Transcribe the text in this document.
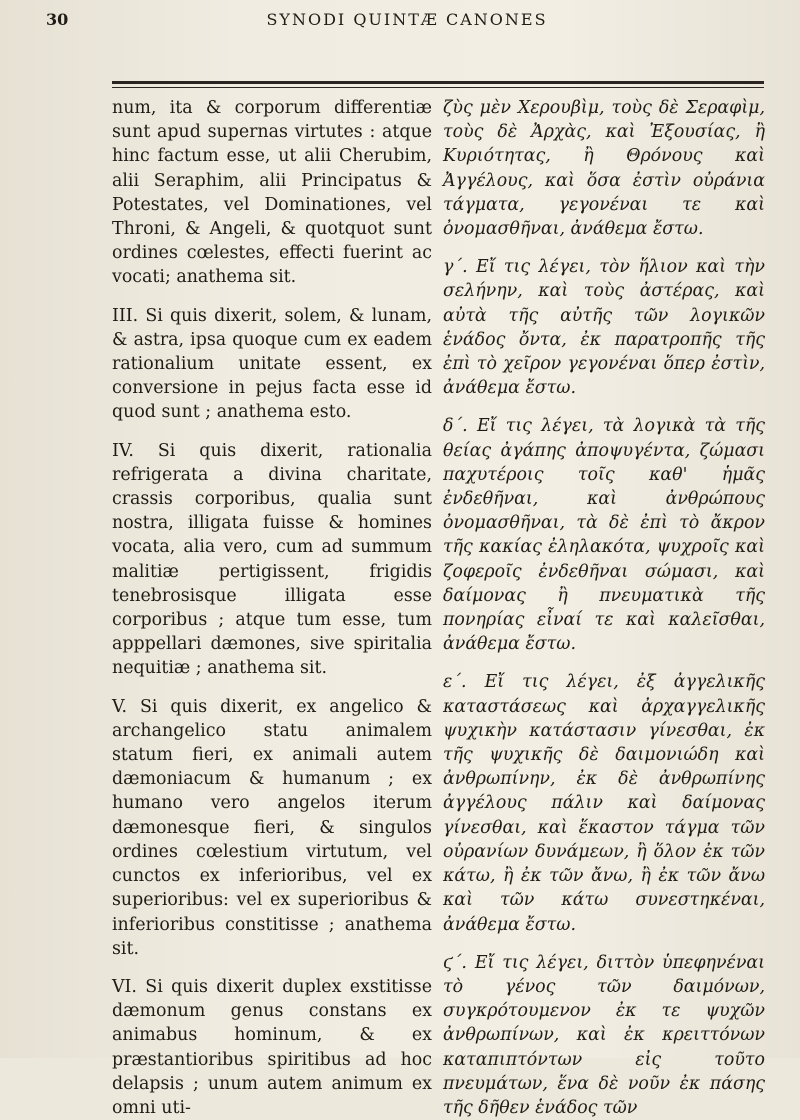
30	SYNODI QUINTÆ CANONES

num, ita & corporum differentiæ sunt apud supernas virtutes : atque hinc factum esse, ut alii Cherubim, alii Seraphim, alii Principatus & Potestates, vel Dominationes, vel Throni, & Angeli, & quotquot sunt ordines cœlestes, effecti fuerint ac vocati; anathema sit.

III. Si quis dixerit, solem, & lunam, & astra, ipsa quoque cum ex eadem rationalium unitate essent, ex conversione in pejus facta esse id quod sunt ; anathema esto.

IV. Si quis dixerit, rationalia refrigerata a divina charitate, crassis corporibus, qualia sunt nostra, illigata fuisse & homines vocata, alia vero, cum ad summum malitiæ pertigissent, frigidis tenebrosisque illigata esse corporibus ; atque tum esse, tum apppellari dæmones, sive spiritalia nequitiæ ; anathema sit.

V. Si quis dixerit, ex angelico & archangelico statu animalem statum fieri, ex animali autem dæmoniacum & humanum ; ex humano vero angelos iterum dæmonesque fieri, & singulos ordines cœlestium virtutum, vel cunctos ex inferioribus, vel ex superioribus: vel ex superioribus & inferioribus constitisse ; anathema sit.

VI. Si quis dixerit duplex exstitisse dæmonum genus constans ex animabus hominum, & ex præstantioribus spiritibus ad hoc delapsis ; unum autem animum ex omni uti-

ζὺς μὲν Χερουβὶμ, τοὺς δὲ Σεραφὶμ, τοὺς δὲ Ἀρχὰς, καὶ Ἐξουσίας, ἢ Κυριότητας, ἢ Θρόνους καὶ Ἀγγέλους, καὶ ὅσα ἐστὶν οὐράνια τάγματα, γεγονέναι τε καὶ ὀνομασθῆναι, ἀνάθεμα ἔστω.

γ΄. Εἴ τις λέγει, τὸν ἥλιον καὶ τὴν σελήνην, καὶ τοὺς ἀστέρας, καὶ αὐτὰ τῆς αὐτῆς τῶν λογικῶν ἑνάδος ὄντα, ἐκ παρατροπῆς τῆς ἐπὶ τὸ χεῖρον γεγονέναι ὅπερ ἐστὶν, ἀνάθεμα ἔστω.

δ΄. Εἴ τις λέγει, τὰ λογικὰ τὰ τῆς θείας ἀγάπης ἀποψυγέντα, ζώμασι παχυτέροις τοῖς καθ' ἡμᾶς ἐνδεθῆναι, καὶ ἀνθρώπους ὀνομασθῆναι, τὰ δὲ ἐπὶ τὸ ἄκρον τῆς κακίας ἐληλακότα, ψυχροῖς καὶ ζοφεροῖς ἐνδεθῆναι σώμασι, καὶ δαίμονας ἢ πνευματικὰ τῆς πονηρίας εἶναί τε καὶ καλεῖσθαι, ἀνάθεμα ἔστω.

ε΄. Εἴ τις λέγει, ἐξ ἀγγελικῆς καταστάσεως καὶ ἀρχαγγελικῆς ψυχικὴν κατάστασιν γίνεσθαι, ἐκ τῆς ψυχικῆς δὲ δαιμονιώδη καὶ ἀνθρωπίνην, ἐκ δὲ ἀνθρωπίνης ἀγγέλους πάλιν καὶ δαίμονας γίνεσθαι, καὶ ἕκαστον τάγμα τῶν οὐρανίων δυνάμεων, ἢ ὅλον ἐκ τῶν κάτω, ἢ ἐκ τῶν ἄνω, ἢ ἐκ τῶν ἄνω καὶ τῶν κάτω συνεστηκέναι, ἀνάθεμα ἔστω.

ϛ΄. Εἴ τις λέγει, διττὸν ὑπεφηνέναι τὸ γένος τῶν δαιμόνων, συγκρότουμενον ἐκ τε ψυχῶν ἀνθρωπίνων, καὶ ἐκ κρειττόνων καταπιπτόντων εἰς τοῦτο πνευμάτων, ἕνα δὲ νοῦν ἐκ πάσης τῆς δῆθεν ἑνάδος τῶν
